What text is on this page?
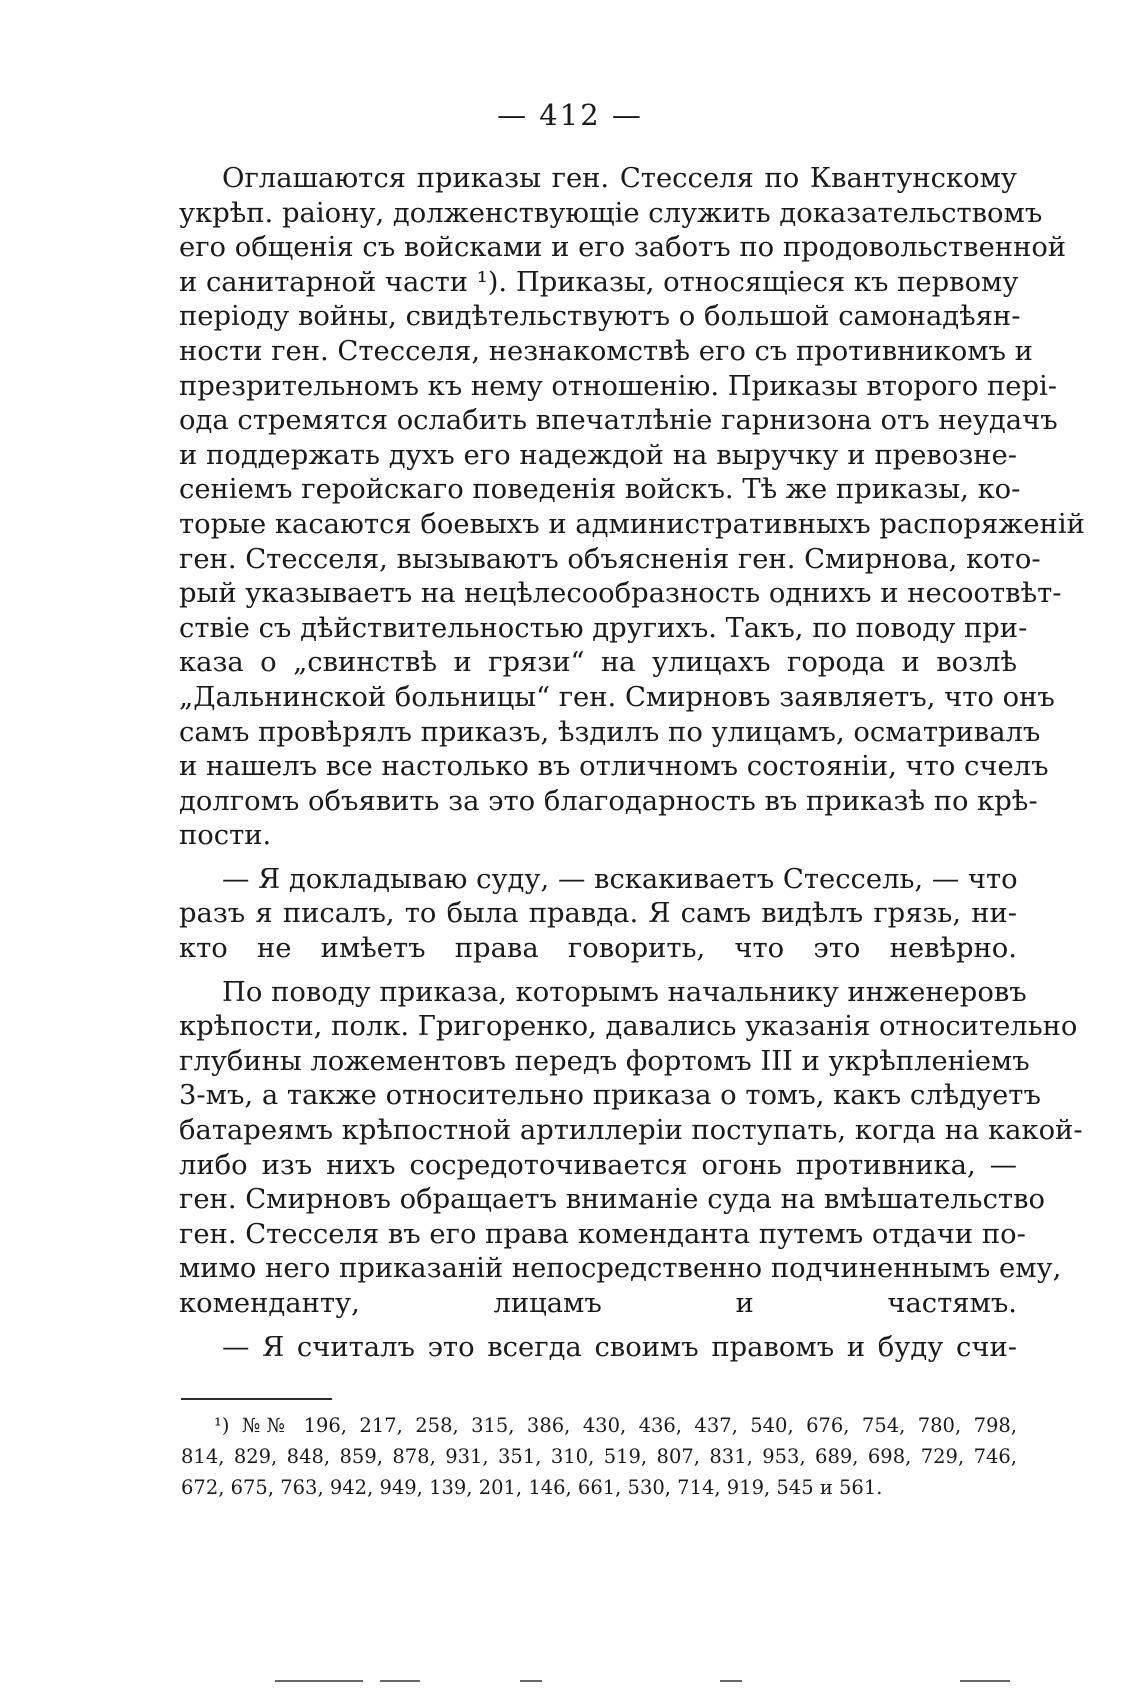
— 412 —
Оглашаются приказы ген. Стесселя по Квантунскому
укрѣп. раіону, долженствующіе служить доказательствомъ
его общенія съ войсками и его заботъ по продовольственной
и санитарной части ¹). Приказы, относящіеся къ первому
періоду войны, свидѣтельствуютъ о большой самонадѣян-
ности ген. Стесселя, незнакомствѣ его съ противникомъ и
презрительномъ къ нему отношенію. Приказы второго пері-
ода стремятся ослабить впечатлѣніе гарнизона отъ неудачъ
и поддержать духъ его надеждой на выручку и превозне-
сеніемъ геройскаго поведенія войскъ. Тѣ же приказы, ко-
торые касаются боевыхъ и административныхъ распоряженій
ген. Стесселя, вызываютъ объясненія ген. Смирнова, кото-
рый указываетъ на нецѣлесообразность однихъ и несоотвѣт-
ствіе съ дѣйствительностью другихъ. Такъ, по поводу при-
каза о „свинствѣ и грязи“ на улицахъ города и возлѣ
„Дальнинской больницы“ ген. Смирновъ заявляетъ, что онъ
самъ провѣрялъ приказъ, ѣздилъ по улицамъ, осматривалъ
и нашелъ все настолько въ отличномъ состояніи, что счелъ
долгомъ объявить за это благодарность въ приказѣ по крѣ-
пости.
— Я докладываю суду, — вскакиваетъ Стессель, — что
разъ я писалъ, то была правда. Я самъ видѣлъ грязь, ни-
кто не имѣетъ права говорить, что это невѣрно.
По поводу приказа, которымъ начальнику инженеровъ
крѣпости, полк. Григоренко, давались указанія относительно
глубины ложементовъ передъ фортомъ III и укрѣпленіемъ
3-мъ, а также относительно приказа о томъ, какъ слѣдуетъ
батареямъ крѣпостной артиллеріи поступать, когда на какой-
либо изъ нихъ сосредоточивается огонь противника, —
ген. Смирновъ обращаетъ вниманіе суда на вмѣшательство
ген. Стесселя въ его права коменданта путемъ отдачи по-
мимо него приказаній непосредственно подчиненнымъ ему,
коменданту, лицамъ и частямъ.
— Я считалъ это всегда своимъ правомъ и буду счи-
¹) №№ 196, 217, 258, 315, 386, 430, 436, 437, 540, 676, 754, 780, 798,
814, 829, 848, 859, 878, 931, 351, 310, 519, 807, 831, 953, 689, 698, 729, 746,
672, 675, 763, 942, 949, 139, 201, 146, 661, 530, 714, 919, 545 и 561.
